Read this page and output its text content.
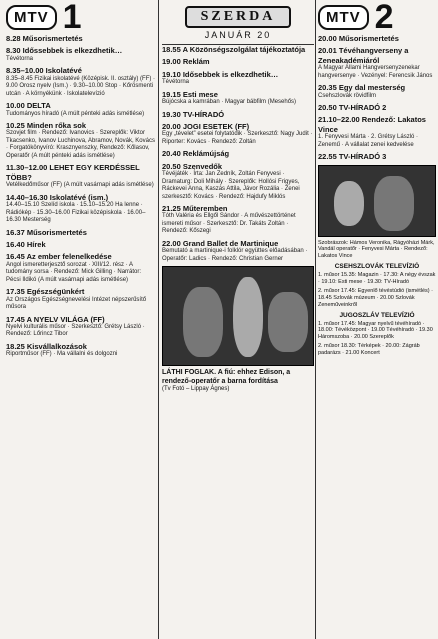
MTV 1
8.28 Műsorismertetés
8.30 Időssebbek is elkezdhetik…
Tévétorna
8.35–10.00 Iskolatévé
8.35–8.45 Fizikai iskolatévé (Középisk. II. osztály) (FF) · 9.00 Orosz nyelv (Ism.) · 9.30–10.00 Stop · Kőrösmenti utcán · A környékünk · Iskolatelevízió
10.00 DELTA
Tudományos híradó (A múlt pénteki adás ismétlése)
10.25 Minden rőka sok
Szovjet film · Rendező: Ivanovics · Szereplők: Viktor Tkacsenko, Ivanov Luchinova, Abramov, Novák, Kovács · Forgatókönyvíró: Krasznyenszky, Rendező: Kőlasov, Operatőr (A múlt pénteki adás ismétlése)
11.30–12.00 LEHET EGY KERDÉSSEL TÖBB?
Vetélkedőműsor (FF) (A múlt vasárnapi adás ismétlése)
14.40–16.30 Iskolatévé (ism.)
14.40–15.10 Szelíd iskola · 15.10–15.20 Ha lenne · Rádiókép · 15.30–16.00 Fizikai középiskola · 16.00–16.30 Mesterség
16.37 Műsorismertetés
16.40 Hírek
16.45 Az ember felenelkedése
Angol ismeretterjesztő sorozat · XIII/12. rész · A tudomány sorsa · Rendező: Mick Gilling · Narrátor: Pécsi Ildikó (A múlt vasárnapi adás ismétlése)
17.35 Egészségünkért
Az Országos Egészségnevelési Intézet népszerűsítő műsora
17.45 A NYELV VILÁGA (FF)
Nyelvi kulturális műsor · Szerkesztő: Grétsy László · Rendező: Lőrincz Tibor
18.25 Kisvállalkozások
Riportműsor (FF) · Ma vállalni és dolgozni
SZERDA
JANUÁR 20
18.55 A Közönségszolgálat tájékoztatója
19.00 Reklám
19.10 Idősebbek is elkezdhetik…
Tévétorna
19.15 Esti mese
Bújócska a kamrában · Magyar bábfilm (Mesehős)
19.30 TV-HÍRADÓ
20.00 JOGI ESETEK (FF)
Egy „tévelet” esetei folytatódik · Szerkesztő: Nagy Judit · Riporter: Kovács · Rendező: Zoltán
20.40 Reklámújság
20.50 Szenvedők
Tévéjáték · Írta: Jan Zedník, Zoltán Fenyvesi · Dramaturg: Doli Mihály · Szereplők: Hollósi Frigyes, Ráckevei Anna, Kaszás Attila, Jávor Rozália · Zenei szerkesztő: Kovács · Rendező: Hajdufy Miklós
21.25 Műteremben
Tóth Valéria és Ellgől Sándor · A művészettörténet ismereti műsor · Szerkesztő: Dr. Takáts Zoltán · Rendező: Kőszegi
22.00 Grand Ballet de Martinique
Bemutató a martinique-i folklór együttes előadásában · Operatőr: Ladics · Rendező: Christian Gerner
LÁTHI FOGLAK. A fiú: ehhez Edison, a rendező-operatőr a barna fordítása
(Tv Fotó – Lippay Ágnes)
MTV 2
20.00 Műsorismertetés
20.01 Tévéhangverseny a Zeneakadémiáról
A Magyar Állami Hangversenyzenekar hangversenye · Vezényel: Ferencsik János
20.35 Egy dal mesterség
Csehszlovák rövidfilm
20.50 TV-HÍRADÓ 2
21.10–22.00 Rendező: Lakatos Vince
1. Fenyvesi Márta · 2. Grétsy László · Zenemű · A vállalat zenei kedvelése
22.55 TV-HÍRADÓ 3
Szobrászok: Hámos Veronika, Rágyóházi Márk, Vandál operatőr · Fenyvesi Márta · Rendező: Lakatos Vince
CSEHSZLOVÁK TELEVÍZIÓ
1. műsor 15.35: Magazin · 17.30: A négy évszak · 19.10: Esti mese · 19.30: TV-Híradó
2. műsor 17.45: Egyenlő tévéstúdió (ismétlés) · 18.45 Szlovák múzeum · 20.00 Szlovák Zeneműveinkről
JUGOSZLÁV TELEVÍZIÓ
1. műsor 17.45: Magyar nyelvű tévéhíradó · 18.00: Tévéközpont · 19.00 Tévéhíradó · 19.30 Háromszoba · 20.00 Szereplők
2. műsor 18.30: Térképek · 20.00: Zágráb padarázs · 21.00 Koncert
